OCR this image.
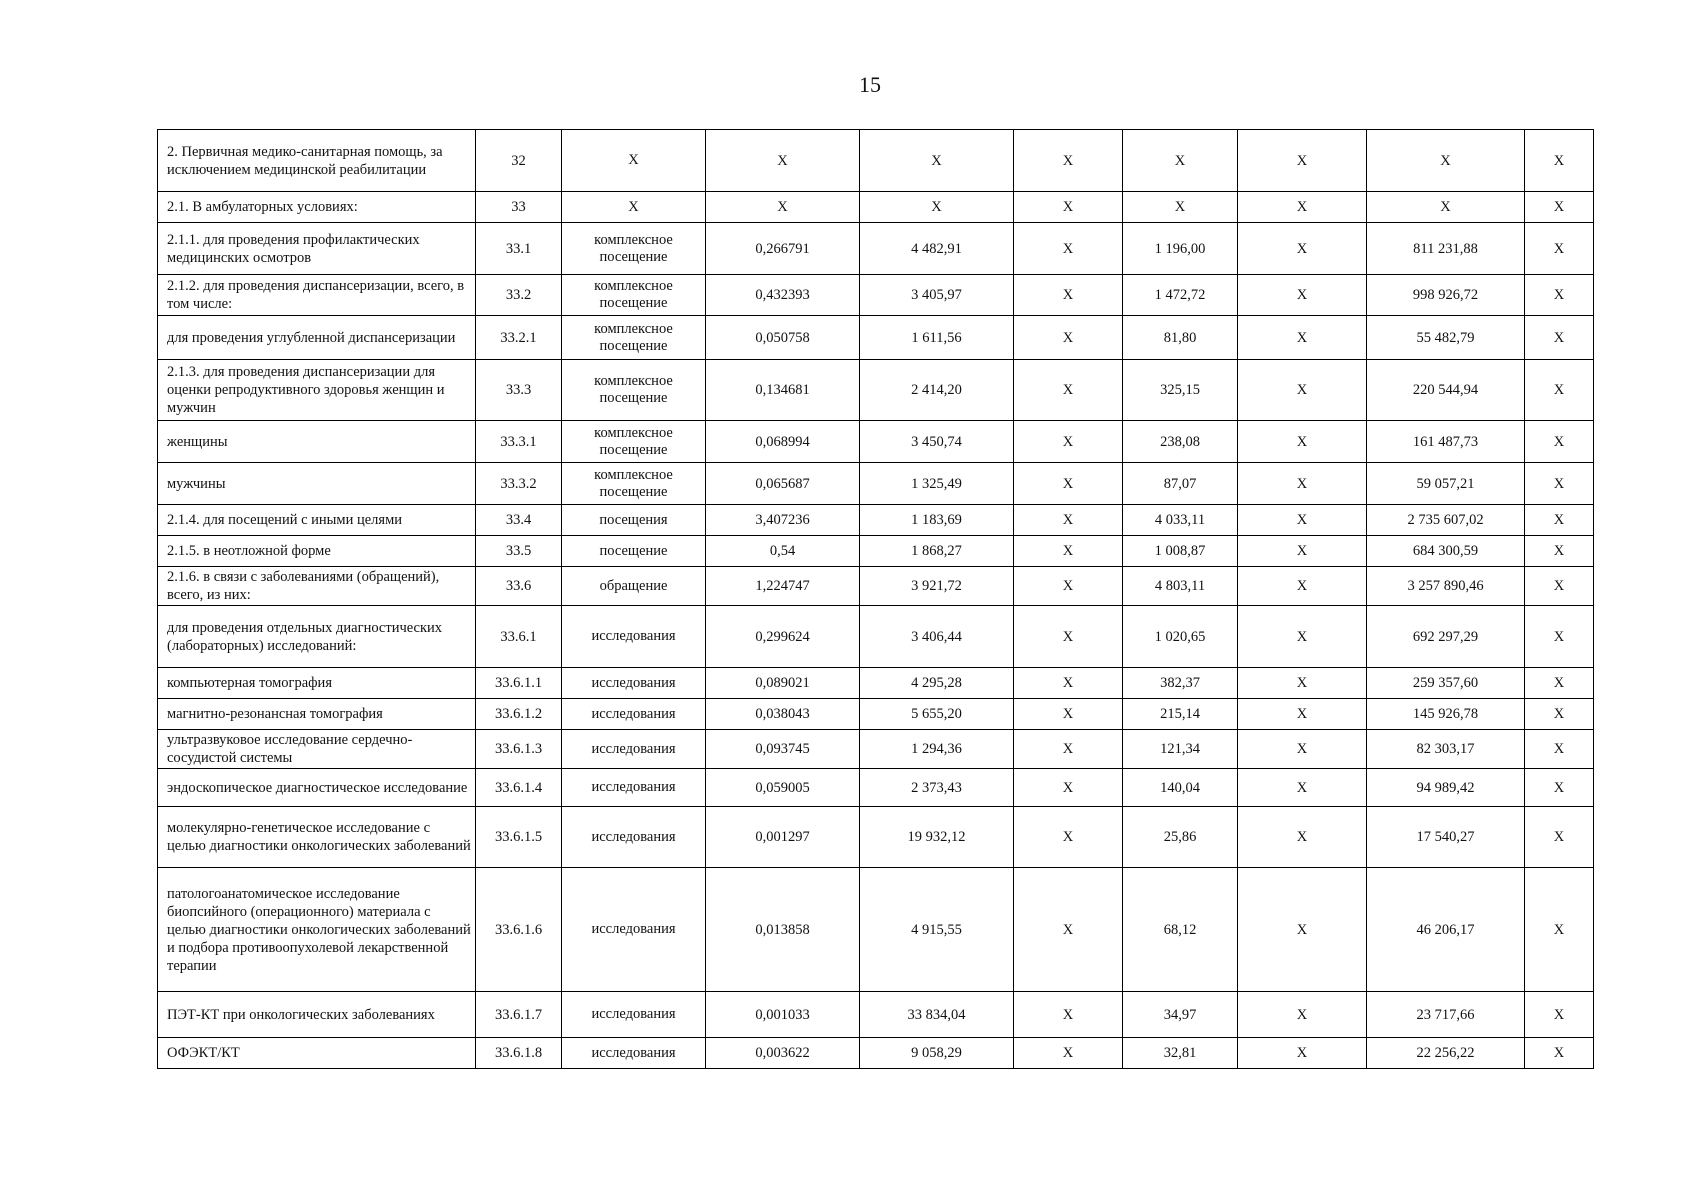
15
2. Первичная медико-санитарная помощь, за исключением медицинской реабилитации	32	X	X	X	X	X	X	X	X
2.1. В амбулаторных условиях:	33	X	X	X	X	X	X	X	X
2.1.1. для проведения профилактических медицинских осмотров	33.1	комплексное посещение	0,266791	4 482,91	X	1 196,00	X	811 231,88	X
2.1.2. для проведения диспансеризации, всего, в том числе:	33.2	комплексное посещение	0,432393	3 405,97	X	1 472,72	X	998 926,72	X
для проведения углубленной диспансеризации	33.2.1	комплексное посещение	0,050758	1 611,56	X	81,80	X	55 482,79	X
2.1.3. для проведения диспансеризации для оценки репродуктивного здоровья женщин и мужчин	33.3	комплексное посещение	0,134681	2 414,20	X	325,15	X	220 544,94	X
женщины	33.3.1	комплексное посещение	0,068994	3 450,74	X	238,08	X	161 487,73	X
мужчины	33.3.2	комплексное посещение	0,065687	1 325,49	X	87,07	X	59 057,21	X
2.1.4. для посещений с иными целями	33.4	посещения	3,407236	1 183,69	X	4 033,11	X	2 735 607,02	X
2.1.5. в неотложной форме	33.5	посещение	0,54	1 868,27	X	1 008,87	X	684 300,59	X
2.1.6. в связи с заболеваниями (обращений), всего, из них:	33.6	обращение	1,224747	3 921,72	X	4 803,11	X	3 257 890,46	X
для проведения отдельных диагностических (лабораторных) исследований:	33.6.1	исследования	0,299624	3 406,44	X	1 020,65	X	692 297,29	X
компьютерная томография	33.6.1.1	исследования	0,089021	4 295,28	X	382,37	X	259 357,60	X
магнитно-резонансная томография	33.6.1.2	исследования	0,038043	5 655,20	X	215,14	X	145 926,78	X
ультразвуковое исследование сердечно-сосудистой системы	33.6.1.3	исследования	0,093745	1 294,36	X	121,34	X	82 303,17	X
эндоскопическое диагностическое исследование	33.6.1.4	исследования	0,059005	2 373,43	X	140,04	X	94 989,42	X
молекулярно-генетическое исследование с целью диагностики онкологических заболеваний	33.6.1.5	исследования	0,001297	19 932,12	X	25,86	X	17 540,27	X
патологоанатомическое исследование биопсийного (операционного) материала с целью диагностики онкологических заболеваний и подбора противоопухолевой лекарственной терапии	33.6.1.6	исследования	0,013858	4 915,55	X	68,12	X	46 206,17	X
ПЭТ-КТ при онкологических заболеваниях	33.6.1.7	исследования	0,001033	33 834,04	X	34,97	X	23 717,66	X
ОФЭКТ/КТ	33.6.1.8	исследования	0,003622	9 058,29	X	32,81	X	22 256,22	X
